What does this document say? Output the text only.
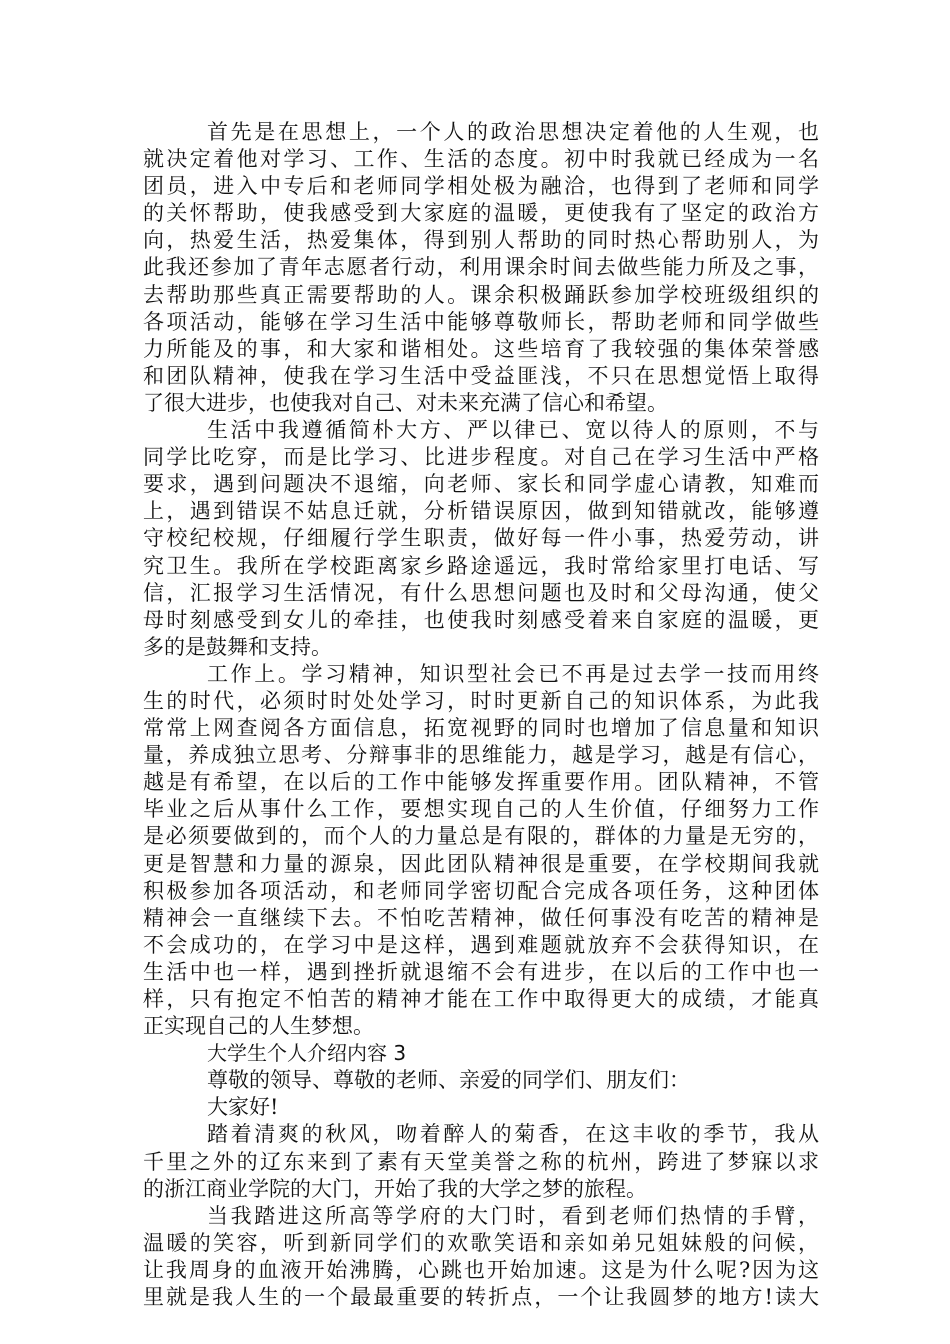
首先是在思想上，一个人的政治思想决定着他的人生观，也
就决定着他对学习、工作、生活的态度。初中时我就已经成为一名
团员，进入中专后和老师同学相处极为融洽，也得到了老师和同学
的关怀帮助，使我感受到大家庭的温暖，更使我有了坚定的政治方
向，热爱生活，热爱集体，得到别人帮助的同时热心帮助别人，为
此我还参加了青年志愿者行动，利用课余时间去做些能力所及之事，
去帮助那些真正需要帮助的人。课余积极踊跃参加学校班级组织的
各项活动，能够在学习生活中能够尊敬师长，帮助老师和同学做些
力所能及的事，和大家和谐相处。这些培育了我较强的集体荣誉感
和团队精神，使我在学习生活中受益匪浅，不只在思想觉悟上取得
了很大进步，也使我对自己、对未来充满了信心和希望。
生活中我遵循简朴大方、严以律已、宽以待人的原则，不与
同学比吃穿，而是比学习、比进步程度。对自己在学习生活中严格
要求，遇到问题决不退缩，向老师、家长和同学虚心请教，知难而
上，遇到错误不姑息迁就，分析错误原因，做到知错就改，能够遵
守校纪校规，仔细履行学生职责，做好每一件小事，热爱劳动，讲
究卫生。我所在学校距离家乡路途遥远，我时常给家里打电话、写
信，汇报学习生活情况，有什么思想问题也及时和父母沟通，使父
母时刻感受到女儿的牵挂，也使我时刻感受着来自家庭的温暖，更
多的是鼓舞和支持。
工作上。学习精神，知识型社会已不再是过去学一技而用终
生的时代，必须时时处处学习，时时更新自己的知识体系，为此我
常常上网查阅各方面信息，拓宽视野的同时也增加了信息量和知识
量，养成独立思考、分辩事非的思维能力，越是学习，越是有信心，
越是有希望，在以后的工作中能够发挥重要作用。团队精神，不管
毕业之后从事什么工作，要想实现自己的人生价值，仔细努力工作
是必须要做到的，而个人的力量总是有限的，群体的力量是无穷的，
更是智慧和力量的源泉，因此团队精神很是重要，在学校期间我就
积极参加各项活动，和老师同学密切配合完成各项任务，这种团体
精神会一直继续下去。不怕吃苦精神，做任何事没有吃苦的精神是
不会成功的，在学习中是这样，遇到难题就放弃不会获得知识，在
生活中也一样，遇到挫折就退缩不会有进步，在以后的工作中也一
样，只有抱定不怕苦的精神才能在工作中取得更大的成绩，才能真
正实现自己的人生梦想。
大学生个人介绍内容 3
尊敬的领导、尊敬的老师、亲爱的同学们、朋友们：
大家好!
踏着清爽的秋风，吻着醉人的菊香，在这丰收的季节，我从
千里之外的辽东来到了素有天堂美誉之称的杭州，跨进了梦寐以求
的浙江商业学院的大门，开始了我的大学之梦的旅程。
当我踏进这所高等学府的大门时，看到老师们热情的手臂，
温暖的笑容，听到新同学们的欢歌笑语和亲如弟兄姐妹般的问候，
让我周身的血液开始沸腾，心跳也开始加速。这是为什么呢?因为这
里就是我人生的一个最最重要的转折点，一个让我圆梦的地方!读大
